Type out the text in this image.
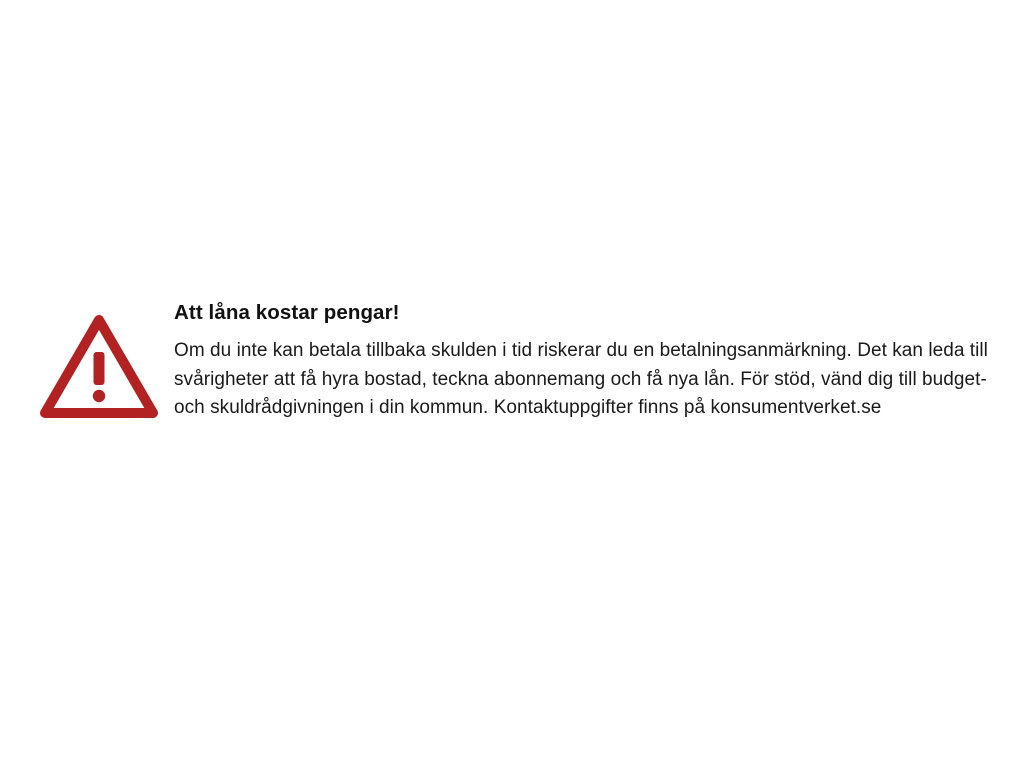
Att låna kostar pengar!

Om du inte kan betala tillbaka skulden i tid riskerar du en betalningsanmärkning. Det kan leda till svårigheter att få hyra bostad, teckna abonnemang och få nya lån. För stöd, vänd dig till budget- och skuldrådgivningen i din kommun. Kontaktuppgifter finns på konsumentverket.se
